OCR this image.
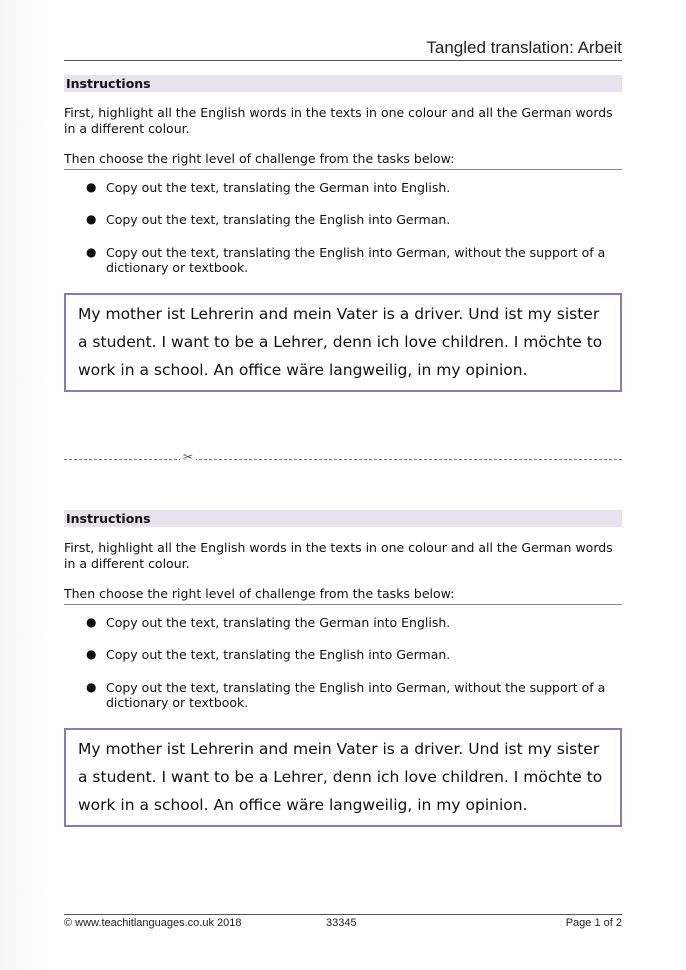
Tangled translation: Arbeit
Instructions

First, highlight all the English words in the texts in one colour and all the German words in a different colour.

Then choose the right level of challenge from the tasks below:

● Copy out the text, translating the German into English.
● Copy out the text, translating the English into German.
● Copy out the text, translating the English into German, without the support of a dictionary or textbook.
My mother ist Lehrerin and mein Vater is a driver. Und ist my sister a student. I want to be a Lehrer, denn ich love children. I möchte to work in a school. An office wäre langweilig, in my opinion.
✂
Instructions

First, highlight all the English words in the texts in one colour and all the German words in a different colour.

Then choose the right level of challenge from the tasks below:

● Copy out the text, translating the German into English.
● Copy out the text, translating the English into German.
● Copy out the text, translating the English into German, without the support of a dictionary or textbook.
My mother ist Lehrerin and mein Vater is a driver. Und ist my sister a student. I want to be a Lehrer, denn ich love children. I möchte to work in a school. An office wäre langweilig, in my opinion.
© www.teachitlanguages.co.uk 2018	33345	Page 1 of 2
